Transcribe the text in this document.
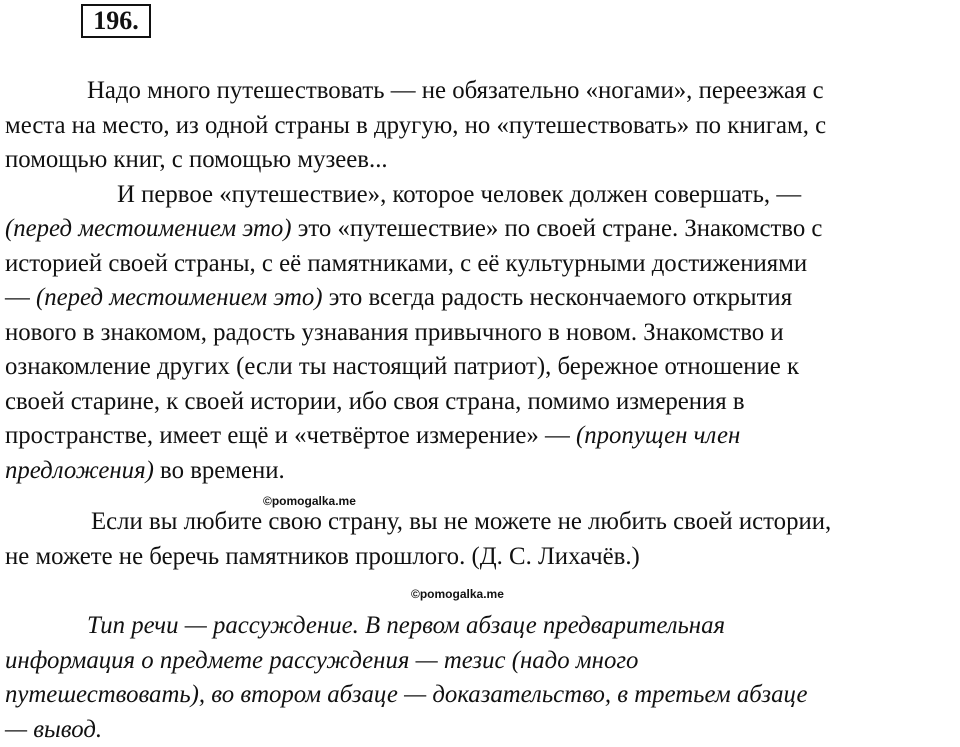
196.
Надо много путешествовать — не обязательно «ногами», переезжая с
места на место, из одной страны в другую, но «путешествовать» по книгам, с
помощью книг, с помощью музеев...
И первое «путешествие», которое человек должен совершать, —
(перед местоимением это) это «путешествие» по своей стране. Знакомство с
историей своей страны, с её памятниками, с её культурными достижениями
— (перед местоимением это) это всегда радость нескончаемого открытия
нового в знакомом, радость узнавания привычного в новом. Знакомство и
ознакомление других (если ты настоящий патриот), бережное отношение к
своей старине, к своей истории, ибо своя страна, помимо измерения в
пространстве, имеет ещё и «четвёртое измерение» — (пропущен член
предложения) во времени.
©pomogalka.me
Если вы любите свою страну, вы не можете не любить своей истории,
не можете не беречь памятников прошлого. (Д. С. Лихачёв.)
©pomogalka.me
Тип речи — рассуждение. В первом абзаце предварительная
информация о предмете рассуждения — тезис (надо много
путешествовать), во втором абзаце — доказательство, в третьем абзаце
— вывод.
